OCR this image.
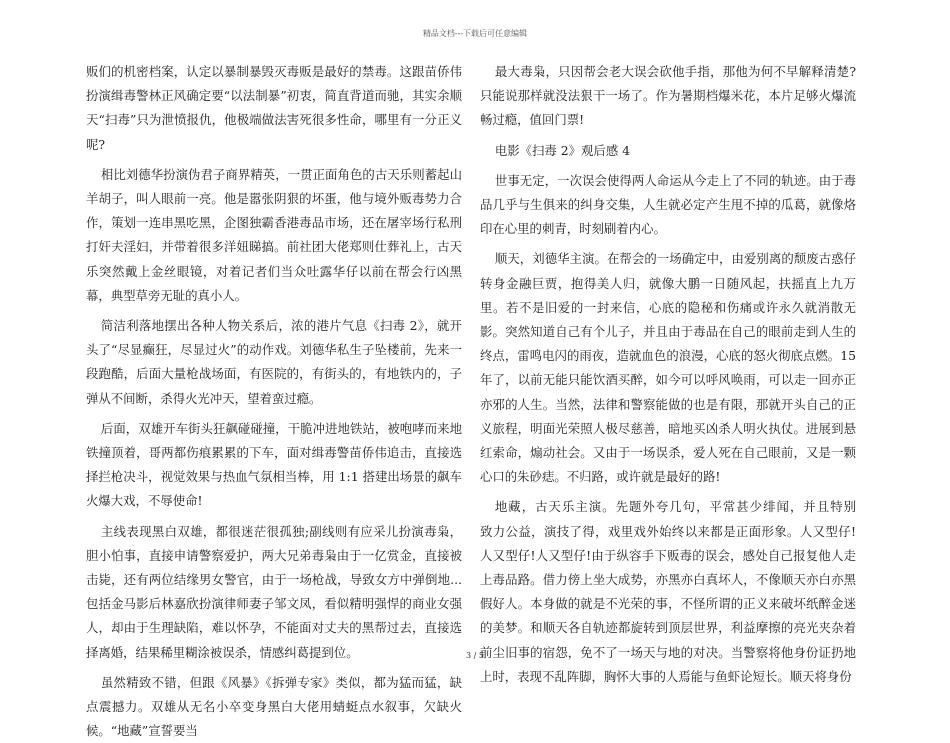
精品文档---下载后可任意编辑

贩们的机密档案，认定以暴制暴毁灭毒贩是最好的禁毒。这跟苗侨伟扮演缉毒警林正风确定要“以法制暴”初衷，简直背道而驰，其实余顺天“扫毒”只为泄愤报仇，他极端做法害死很多性命，哪里有一分正义呢?

相比刘德华扮演伪君子商界精英，一贯正面角色的古天乐则蓄起山羊胡子，叫人眼前一亮。他是嚣张阴狠的坏蛋，他与境外贩毒势力合作，策划一连串黑吃黑，企图独霸香港毒品市场，还在屠宰场行私刑打奸夫淫妇，并带着很多洋妞睇搞。前社团大佬郑则仕葬礼上，古天乐突然戴上金丝眼镜，对着记者们当众吐露华仔以前在帮会行凶黑幕，典型草旁无耻的真小人。

简洁利落地摆出各种人物关系后，浓的港片气息《扫毒 2》，就开头了“尽显癫狂，尽显过火”的动作戏。刘德华私生子坠楼前，先来一段跑酷，后面大量枪战场面，有医院的，有街头的，有地铁内的，子弹从不间断，杀得火光冲天，望着蛮过瘾。

后面，双雄开车街头狂飙碰碰撞，干脆冲进地铁站，被咆哮而来地铁撞顶着，哥两都伤痕累累的下车，面对缉毒警苗侨伟追击，直接选择拦枪决斗，视觉效果与热血气氛相当棒，用 1:1 搭建出场景的飙车火爆大戏，不辱使命!

主线表现黑白双雄，都很迷茫很孤独;副线则有应采儿扮演毒枭，胆小怕事，直接申请警察爱护，两大兄弟毒枭由于一亿赏金，直接被击毙，还有两位结缘男女警官，由于一场枪战，导致女方中弹倒地...包括金马影后林嘉欣扮演律师妻子邹文凤，看似精明强悍的商业女强人，却由于生理缺陷，难以怀孕，不能面对丈夫的黑帮过去，直接选择离婚，结果稀里糊涂被误杀，情感纠葛提到位。

虽然精致不错，但跟《风暴》《拆弹专家》类似，都为猛而猛，缺点震撼力。双雄从无名小卒变身黑白大佬用蜻蜓点水叙事，欠缺火候。“地藏”宣誓要当

最大毒枭，只因帮会老大误会砍他手指，那他为何不早解释清楚?只能说那样就没法狠干一场了。作为暑期档爆米花，本片足够火爆流畅过瘾，值回门票!

电影《扫毒 2》观后感 4

世事无定，一次误会使得两人命运从今走上了不同的轨迹。由于毒品几乎与生俱来的纠身交集，人生就必定产生甩不掉的瓜葛，就像烙印在心里的刺青，时刻刷着内心。

顺天，刘德华主演。在帮会的一场确定中，由爱别离的颓废古惑仔转身金融巨贾，抱得美人归，就像大鹏一日随风起，扶摇直上九万里。若不是旧爱的一封来信，心底的隐秘和伤痛或许永久就消散无影。突然知道自己有个儿子，并且由于毒品在自己的眼前走到人生的终点，雷鸣电闪的雨夜，造就血色的浪漫，心底的怒火彻底点燃。15 年了，以前无能只能饮酒买醉，如今可以呼风唤雨，可以走一回亦正亦邪的人生。当然，法律和警察能做的也是有限，那就开头自己的正义旅程，明面光荣照人极尽慈善，暗地买凶杀人明火执仗。进展到悬红索命，煽动社会。又由于一场误杀，爱人死在自己眼前，又是一颗心口的朱砂痣。不归路，或许就是最好的路!

地藏，古天乐主演。先题外夸几句，平常甚少绯闻，并且特别　　致力公益，演技了得，戏里戏外始终以来都是正面形象。人又型仔!人又型仔!人又型仔!由于纵容手下贩毒的误会，感处自己报复他人走上毒品路。借力傍上坐大成势，亦黑亦白真坏人，不像顺天亦白亦黑假好人。本身做的就是不光荣的事，不怪所谓的正义来破坏纸醉金迷的美梦。和顺天各自轨迹都旋转到顶层世界，利益摩擦的亮光夹杂着前尘旧事的宿怨，免不了一场天与地的对决。当警察将他身份证扔地上时，表现不乱阵脚，胸怀大事的人焉能与鱼虾论短长。顺天将身份

3 / 5
